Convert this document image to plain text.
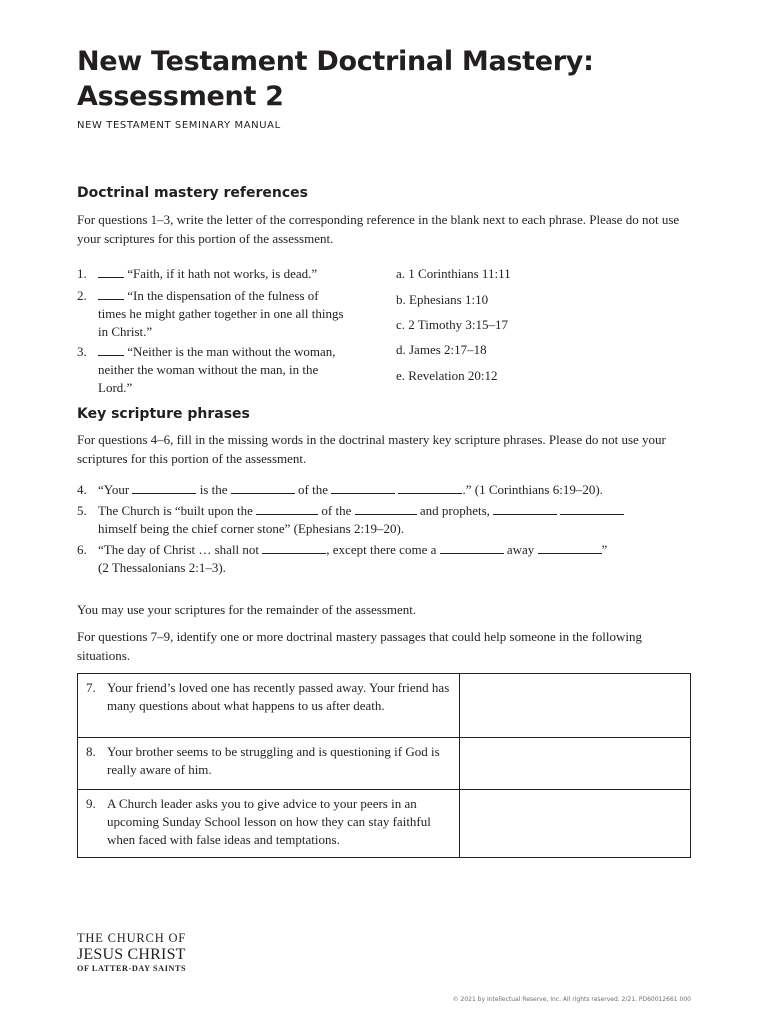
New Testament Doctrinal Mastery:
Assessment 2
NEW TESTAMENT SEMINARY MANUAL
Doctrinal mastery references
For questions 1–3, write the letter of the corresponding reference in the blank next to each phrase. Please do not use your scriptures for this portion of the assessment.
1.	“Faith, if it hath not works, is dead.”
2.	“In the dispensation of the fulness of
times he might gather together in one all things
in Christ.”
3.	“Neither is the man without the woman,
neither the woman without the man, in the
Lord.”
a. 1 Corinthians 11:11
b. Ephesians 1:10
c. 2 Timothy 3:15–17
d. James 2:17–18
e. Revelation 20:12
Key scripture phrases
For questions 4–6, fill in the missing words in the doctrinal mastery key scripture phrases. Please do not use your scriptures for this portion of the assessment.
4. “Your	is the	of the	.” (1 Corinthians 6:19–20).
5. The Church is “built upon the	of the	and prophets,
himself being the chief corner stone” (Ephesians 2:19–20).
6. “The day of Christ … shall not	, except there come a	away	”
(2 Thessalonians 2:1–3).
You may use your scriptures for the remainder of the assessment.
For questions 7–9, identify one or more doctrinal mastery passages that could help someone in the following situations.
7. Your friend’s loved one has recently passed away. Your friend has many questions about what happens to us after death.	

8. Your brother seems to be struggling and is questioning if God is really aware of him.	

9. A Church leader asks you to give advice to your peers in an upcoming Sunday School lesson on how they can stay faithful when faced with false ideas and temptations.	

THE CHURCH OF
JESUS CHRIST
OF LATTER-DAY SAINTS
© 2021 by Intellectual Reserve, Inc. All rights reserved. 2/21. PD60012661 000
